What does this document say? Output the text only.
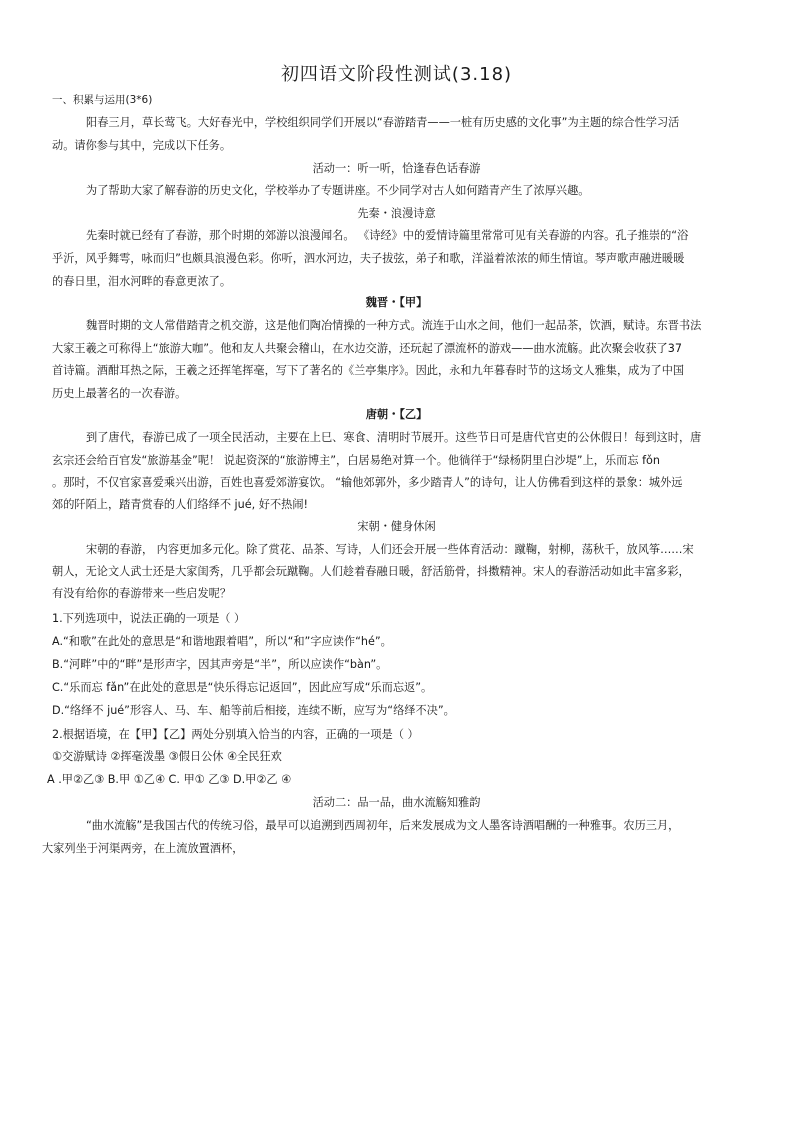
初四语文阶段性测试(3.18)
一、积累与运用(3*6)
阳春三月，草长莺飞。大好春光中，学校组织同学们开展以“春游踏青——一桩有历史感的文化事”为主题的综合性学习活
动。请你参与其中，完成以下任务。
活动一：听一听，恰逢春色话春游
为了帮助大家了解春游的历史文化，学校举办了专题讲座。不少同学对古人如何踏青产生了浓厚兴趣。
先秦・浪漫诗意
先秦时就已经有了春游，那个时期的郊游以浪漫闻名。 《诗经》中的爱情诗篇里常常可见有关春游的内容。孔子推崇的“浴
乎沂，风乎舞雩，咏而归”也颇具浪漫色彩。你听，泗水河边，夫子拔弦，弟子和歌，洋溢着浓浓的师生情谊。琴声歌声融进暖暖
的春日里，泪水河畔的春意更浓了。
魏晋・【甲】
魏晋时期的文人常借踏青之机交游，这是他们陶冶情操的一种方式。流连于山水之间，他们一起品茶，饮酒，赋诗。东晋书法
大家王羲之可称得上“旅游大咖”。他和友人共聚会稽山，在水边交游，还玩起了漂流杯的游戏——曲水流觞。此次聚会收获了37
首诗篇。酒酣耳热之际，王羲之还挥笔挥毫，写下了著名的《兰亭集序》。因此，永和九年暮春时节的这场文人雅集，成为了中国
历史上最著名的一次春游。
唐朝・【乙】
到了唐代，春游已成了一项全民活动，主要在上巳、寒食、清明时节展开。这些节日可是唐代官吏的公休假日！每到这时，唐
玄宗还会给百官发“旅游基金”呢！ 说起资深的“旅游博主”，白居易绝对算一个。他徜徉于“绿杨阴里白沙堤”上，乐而忘 fǒn
。那时，不仅官家喜爱乘兴出游，百姓也喜爱郊游宴饮。 “输他郊郭外，多少踏青人”的诗句，让人仿佛看到这样的景象：城外远
郊的阡陌上，踏青赏春的人们络绎不 jué, 好不热闹!
宋朝・健身休闲
宋朝的春游， 内容更加多元化。除了赏花、品茶、写诗，人们还会开展一些体育活动：蹴鞠，射柳，荡秋千，放风筝……宋
朝人，无论文人武士还是大家闺秀，几乎都会玩蹴鞠。人们趁着春融日暖，舒活筋骨，抖擞精神。宋人的春游活动如此丰富多彩，
有没有给你的春游带来一些启发呢？
1.下列选项中，说法正确的一项是（ ）
A.“和歌”在此处的意思是“和谐地跟着唱”，所以“和”字应读作“hé”。
B.“河畔”中的“畔”是形声字，因其声旁是“半”，所以应读作“bàn”。
C.“乐而忘 fǎn”在此处的意思是“快乐得忘记返回”，因此应写成“乐而忘返”。
D.“络绎不 jué”形容人、马、车、船等前后相接，连续不断，应写为“络绎不决”。
2.根据语境，在【甲】【乙】两处分别填入恰当的内容，正确的一项是（ ）
①交游赋诗 ②挥毫泼墨 ③假日公休 ④全民狂欢
A .甲②乙③ B.甲 ①乙④ C. 甲① 乙③ D.甲②乙 ④
活动二：品一品，曲水流觞知雅韵
“曲水流觞”是我国古代的传统习俗，最早可以追溯到西周初年，后来发展成为文人墨客诗酒唱酬的一种雅事。农历三月，
大家列坐于河渠两旁，在上流放置酒杯，
